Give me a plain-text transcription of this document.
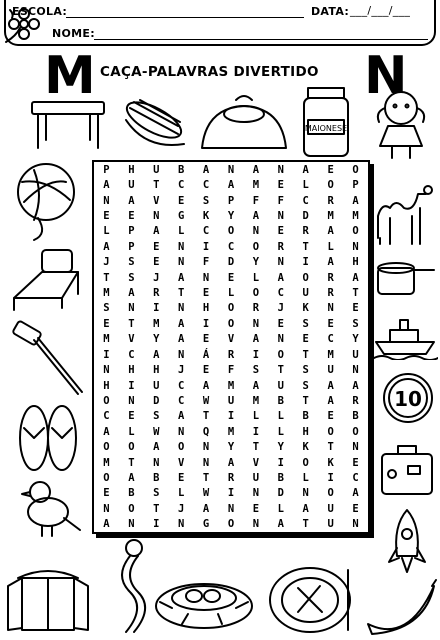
ESCOLA:	DATA: ___/___/___
NOME:
M	N
CAÇA-PALAVRAS DIVERTIDO
MAIONESE
10
P	H	U	B	A	N	A	N	A	E	O
A	U	T	C	C	A	M	E	L	O	P
N	A	V	E	S	P	F	F	C	R	A
E	E	N	G	K	Y	A	N	D	M	M
L	P	A	L	C	O	N	E	R	A	O
A	P	E	N	I	C	O	R	T	L	N
J	S	E	N	F	D	Y	N	I	A	H
T	S	J	A	N	E	L	A	O	R	A
M	A	R	T	E	L	O	C	U	R	T
S	N	I	N	H	O	R	J	K	N	E
E	T	M	A	I	O	N	E	S	E	S
M	V	Y	A	E	V	A	N	E	C	Y
I	C	A	N	Á	R	I	O	T	M	U
N	H	H	J	E	F	S	T	S	U	N
H	I	U	C	A	M	A	U	S	A	A
O	N	D	C	W	U	M	B	T	A	R
C	E	S	A	T	I	L	L	B	E	B
A	L	W	N	Q	M	I	L	H	O	O
O	O	A	O	N	Y	T	Y	K	T	N
M	T	N	V	N	A	V	I	O	K	E
O	A	B	E	T	R	U	B	L	I	C
E	B	S	L	W	I	N	D	N	O	A
N	O	T	J	A	N	E	L	A	U	E
A	N	I	N	G	O	N	A	T	U	N
